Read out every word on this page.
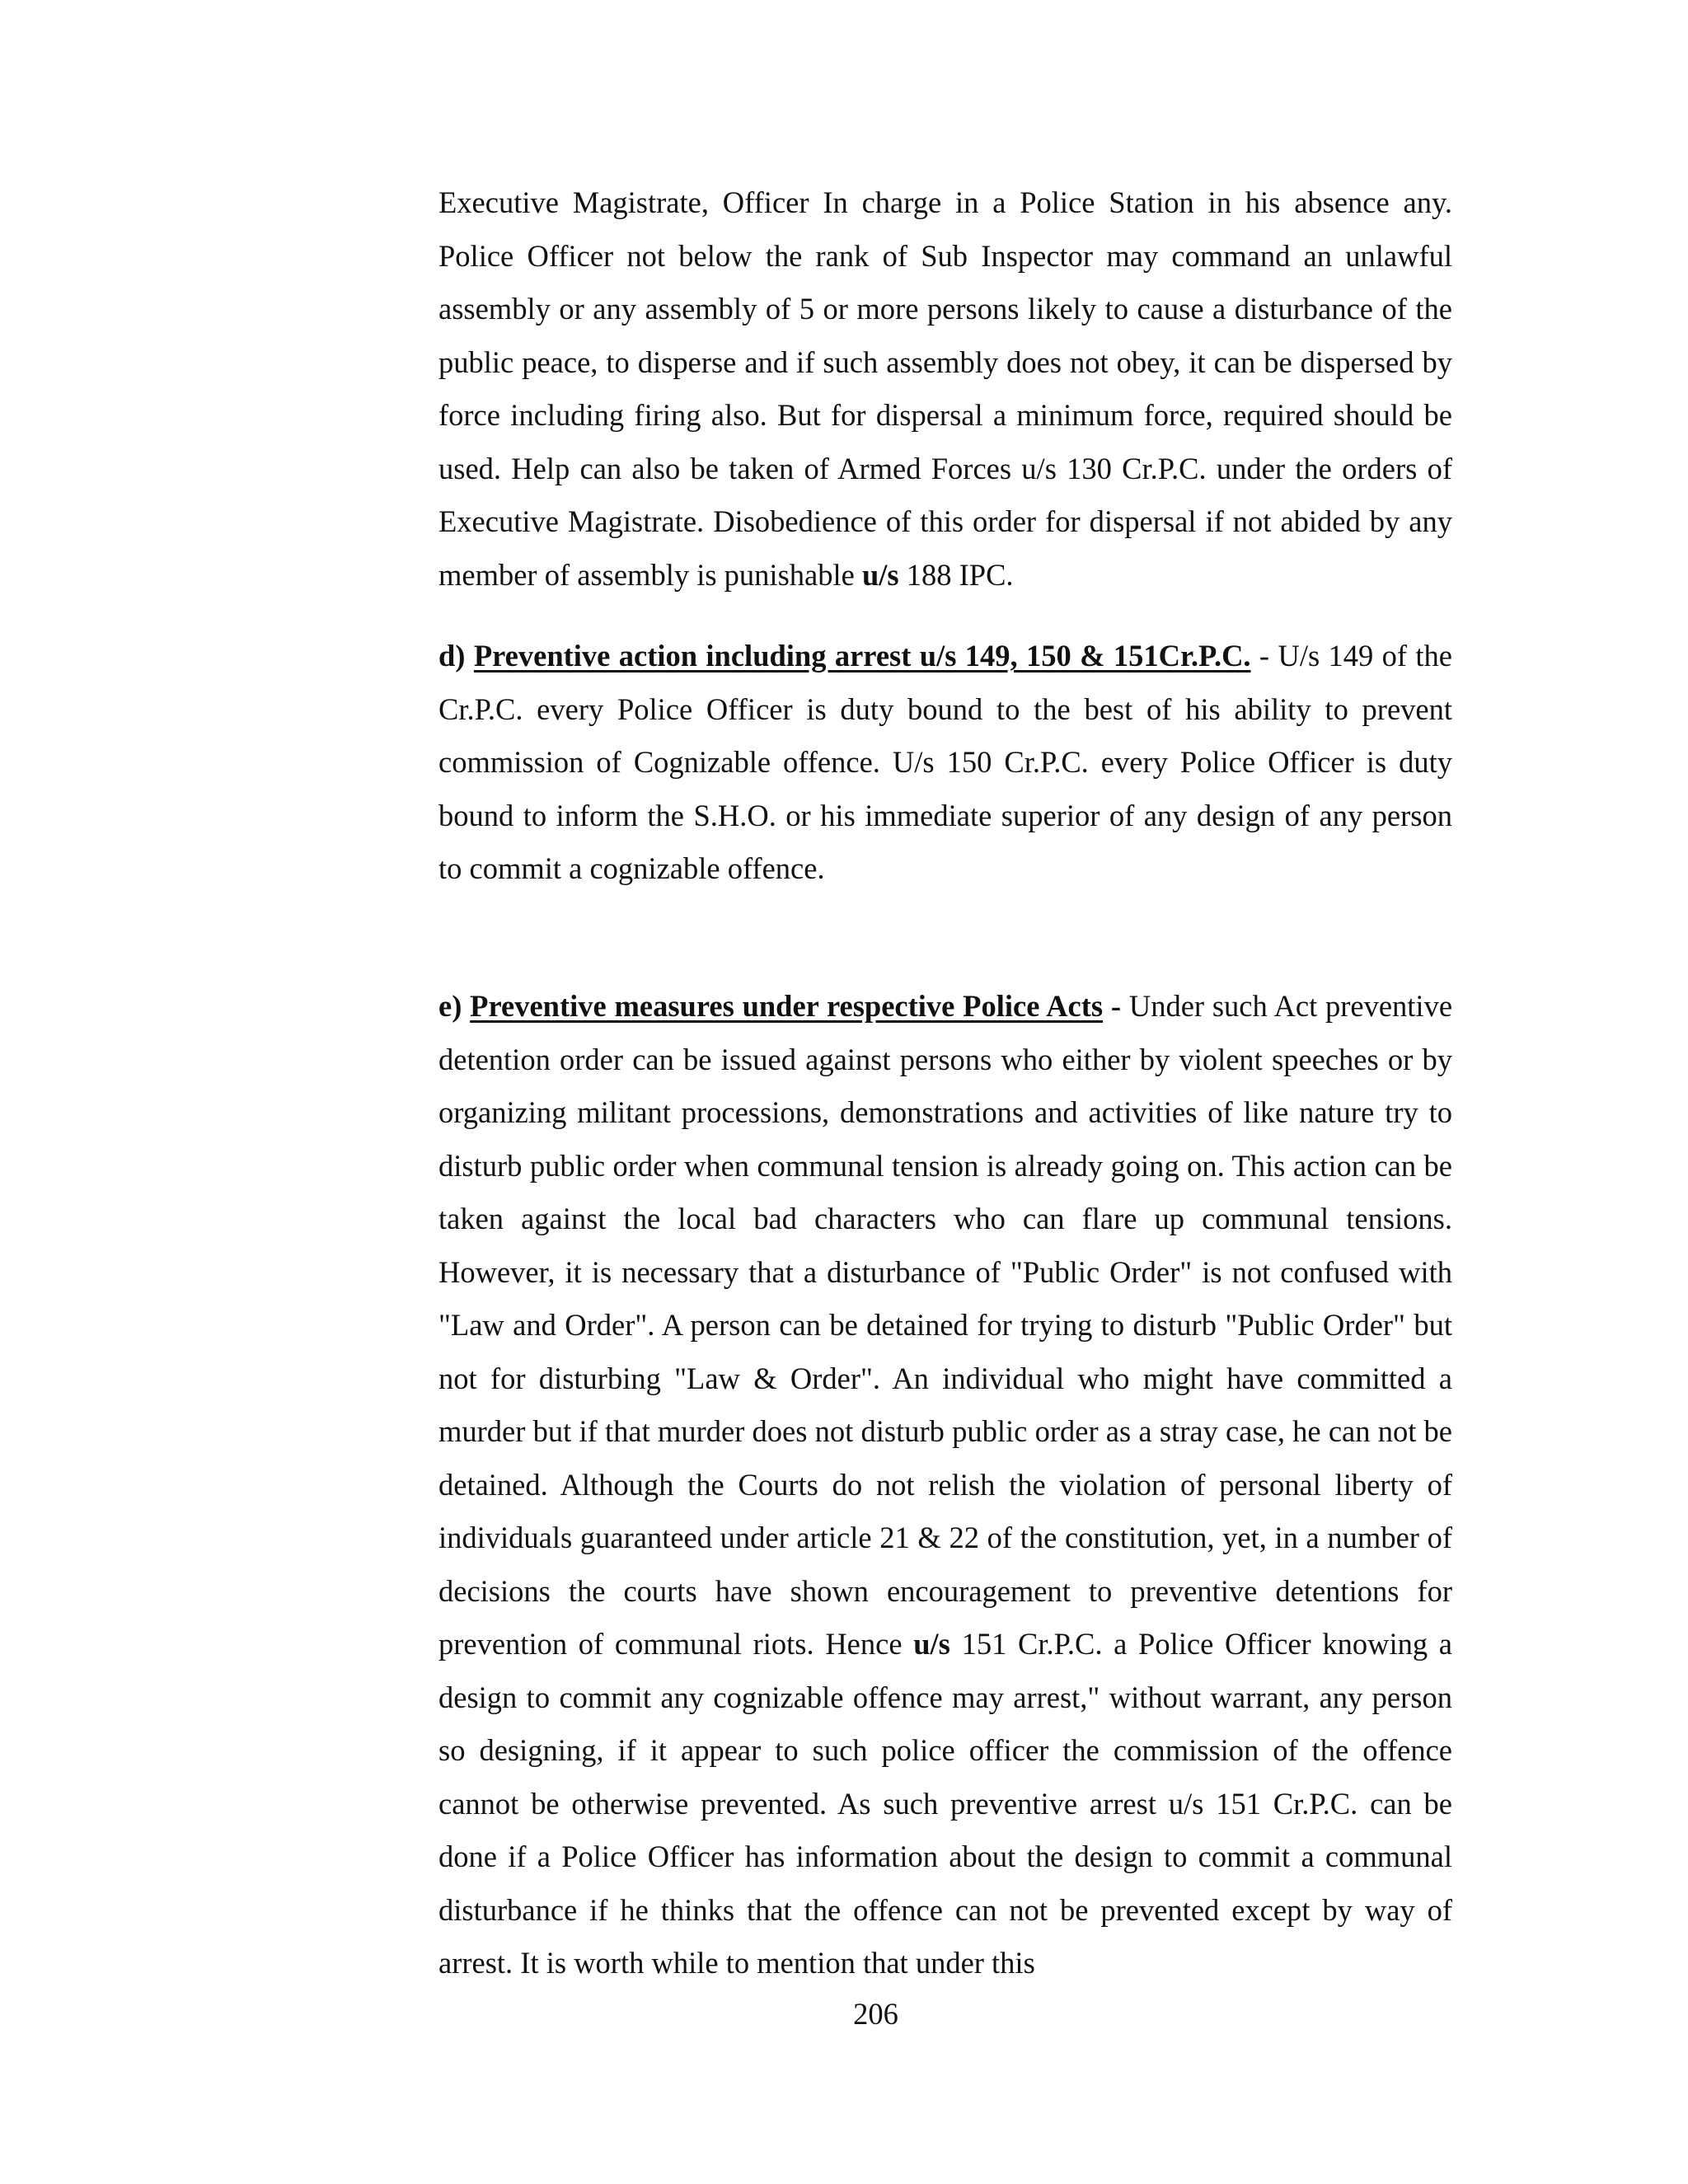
Executive Magistrate, Officer In charge in a Police Station in his absence any. Police Officer not below the rank of Sub Inspector may command an unlawful assembly or any assembly of 5 or more persons likely to cause a disturbance of the public peace, to disperse and if such assembly does not obey, it can be dispersed by force including firing also. But for dispersal a minimum force, required should be used. Help can also be taken of Armed Forces u/s 130 Cr.P.C. under the orders of Executive Magistrate. Disobedience of this order for dispersal if not abided by any member of assembly is punishable u/s 188 IPC.

d) Preventive action including arrest u/s 149, 150 & 151Cr.P.C. - U/s 149 of the Cr.P.C. every Police Officer is duty bound to the best of his ability to prevent commission of Cognizable offence. U/s 150 Cr.P.C. every Police Officer is duty bound to inform the S.H.O. or his immediate superior of any design of any person to commit a cognizable offence.

e) Preventive measures under respective Police Acts - Under such Act preventive detention order can be issued against persons who either by violent speeches or by organizing militant processions, demonstrations and activities of like nature try to disturb public order when communal tension is already going on. This action can be taken against the local bad characters who can flare up communal tensions. However, it is necessary that a disturbance of "Public Order" is not confused with "Law and Order". A person can be detained for trying to disturb "Public Order" but not for disturbing "Law & Order". An individual who might have committed a murder but if that murder does not disturb public order as a stray case, he can not be detained. Although the Courts do not relish the violation of personal liberty of individuals guaranteed under article 21 & 22 of the constitution, yet, in a number of decisions the courts have shown encouragement to preventive detentions for prevention of communal riots. Hence u/s 151 Cr.P.C. a Police Officer knowing a design to commit any cognizable offence may arrest," without warrant, any person so designing, if it appear to such police officer the commission of the offence cannot be otherwise prevented. As such preventive arrest u/s 151 Cr.P.C. can be done if a Police Officer has information about the design to commit a communal disturbance if he thinks that the offence can not be prevented except by way of arrest. It is worth while to mention that under this

206
